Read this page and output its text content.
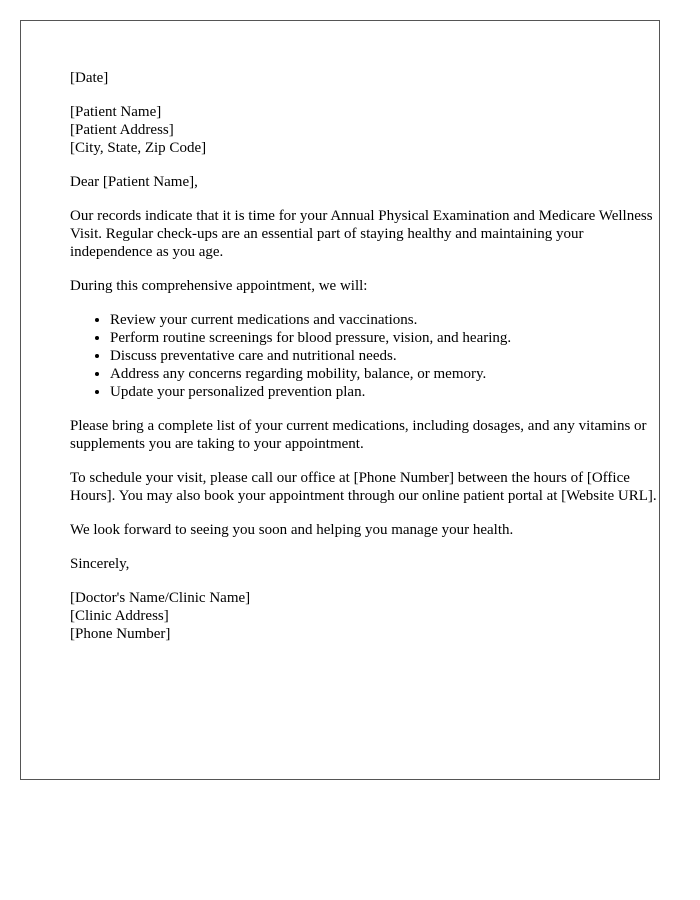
[Date]
[Patient Name]
[Patient Address]
[City, State, Zip Code]

Dear [Patient Name],

Our records indicate that it is time for your Annual Physical Examination and Medicare Wellness Visit. Regular check-ups are an essential part of staying healthy and maintaining your independence as you age.

During this comprehensive appointment, we will:

• Review your current medications and vaccinations.
• Perform routine screenings for blood pressure, vision, and hearing.
• Discuss preventative care and nutritional needs.
• Address any concerns regarding mobility, balance, or memory.
• Update your personalized prevention plan.

Please bring a complete list of your current medications, including dosages, and any vitamins or supplements you are taking to your appointment.

To schedule your visit, please call our office at [Phone Number] between the hours of [Office Hours]. You may also book your appointment through our online patient portal at [Website URL].

We look forward to seeing you soon and helping you manage your health.

Sincerely,

[Doctor's Name/Clinic Name]
[Clinic Address]
[Phone Number]
